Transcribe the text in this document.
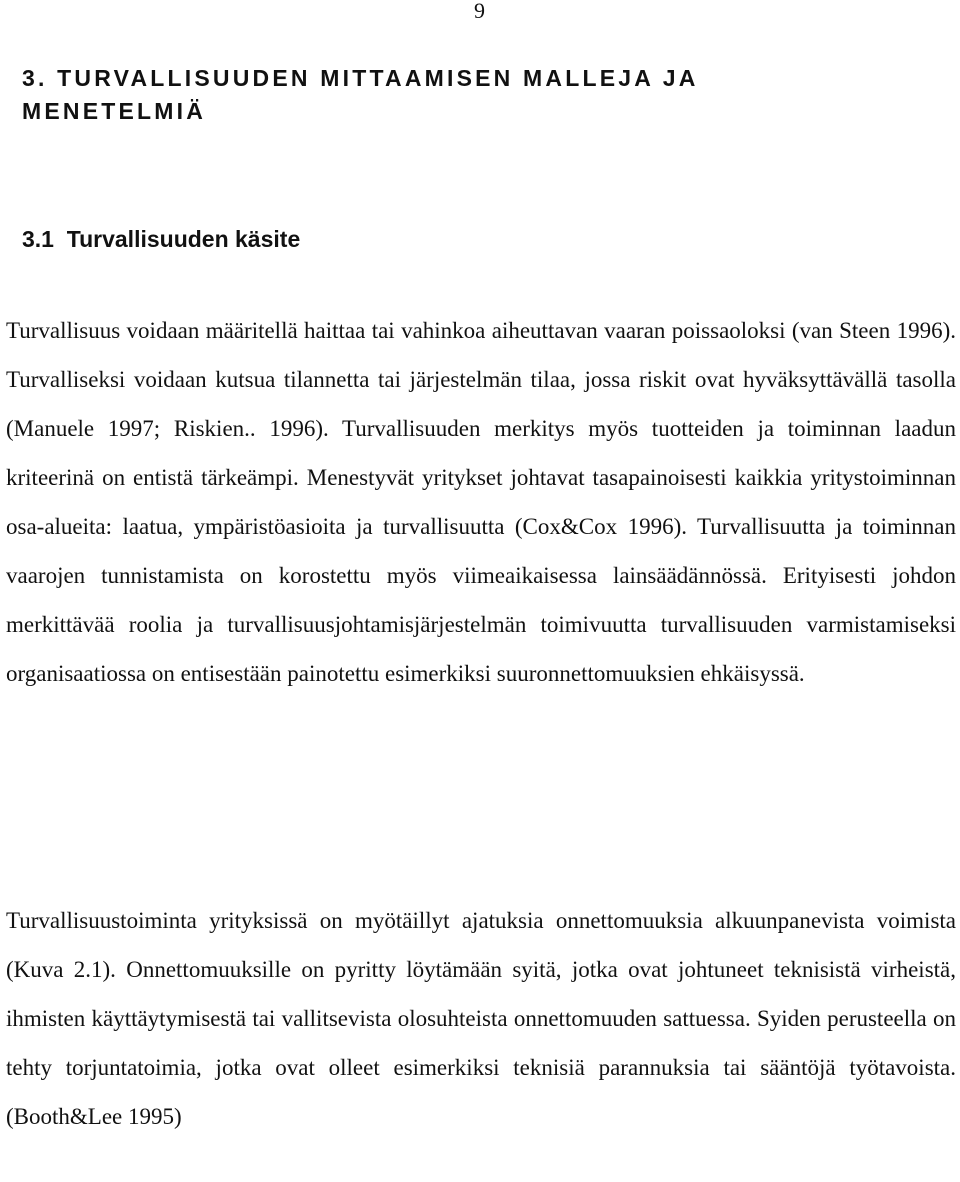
9
3. TURVALLISUUDEN MITTAAMISEN MALLEJA JA
MENETELMIÄ
3.1  Turvallisuuden käsite

Turvallisuus voidaan määritellä haittaa tai vahinkoa aiheuttavan vaaran poissaoloksi (van Steen 1996). Turvalliseksi voidaan kutsua tilannetta tai järjestelmän tilaa, jossa riskit ovat hyväksyttävällä tasolla (Manuele 1997; Riskien.. 1996). Turvallisuuden merkitys myös tuotteiden ja toiminnan laadun kriteerinä on entistä tärkeämpi. Menestyvät yritykset johtavat tasapainoisesti kaikkia yritystoiminnan osa-alueita: laatua, ympäristöasioita ja turvallisuutta (Cox&Cox 1996). Turvallisuutta ja toiminnan vaarojen tunnistamista on korostettu myös viimeaikaisessa lainsäädännössä. Erityisesti johdon merkittävää roolia ja turvallisuusjohtamisjärjestelmän toimivuutta turvallisuuden varmistamiseksi organisaatiossa on entisestään painotettu esimerkiksi suuronnettomuuksien ehkäisyssä.

Turvallisuustoiminta yrityksissä on myötäillyt ajatuksia onnettomuuksia alkuunpanevista voimista (Kuva 2.1). Onnettomuuksille on pyritty löytämään syitä, jotka ovat johtuneet teknisistä virheistä, ihmisten käyttäytymisestä tai vallitsevista olosuhteista onnettomuuden sattuessa. Syiden perusteella on tehty torjuntatoimia, jotka ovat olleet esimerkiksi teknisiä parannuksia tai sääntöjä työtavoista. (Booth&Lee 1995)
